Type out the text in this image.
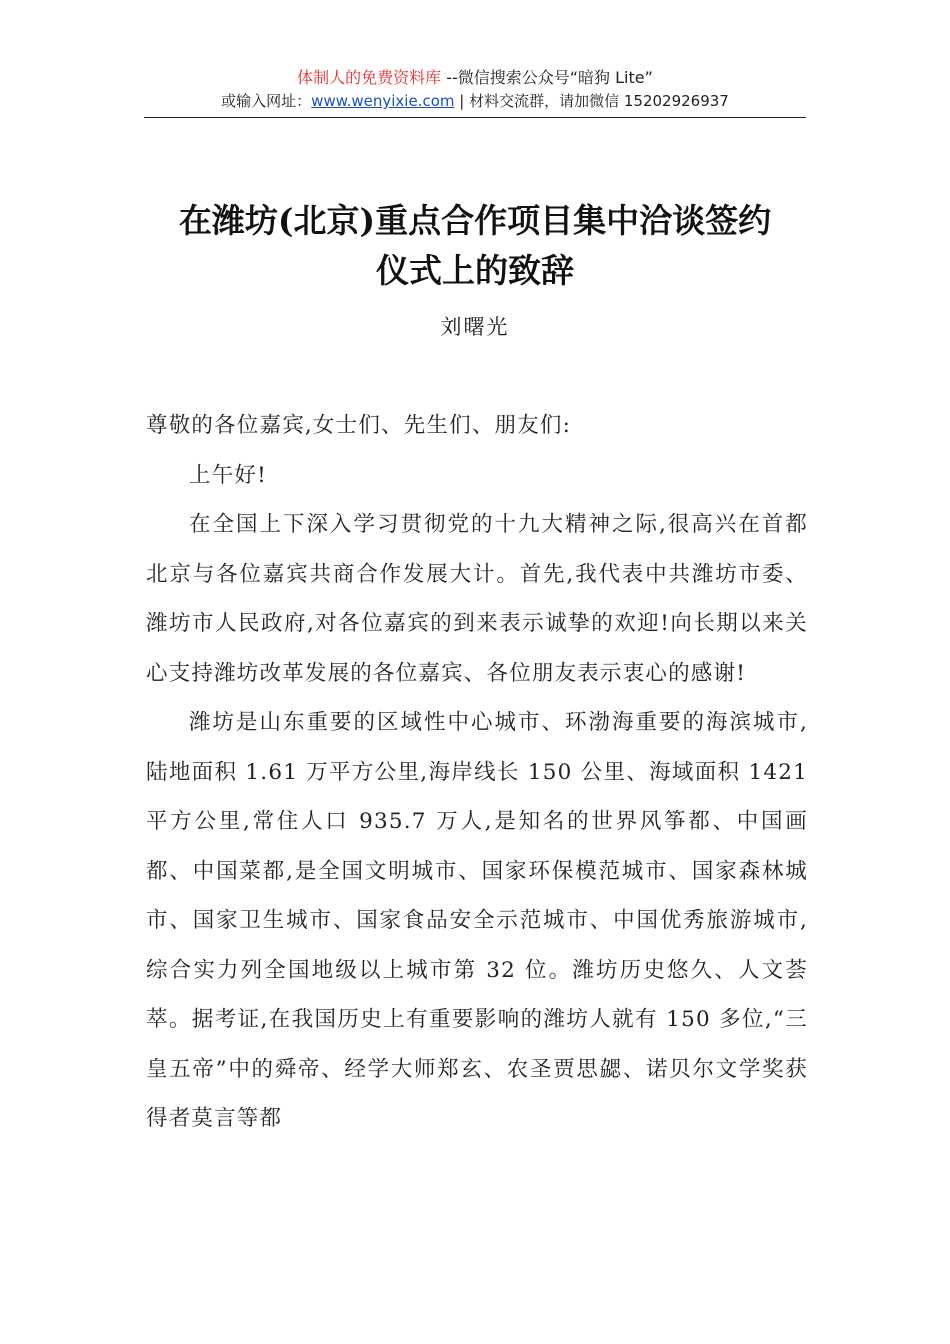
体制人的免费资料库 --微信搜索公众号“暗狗 Lite”
或输入网址：www.wenyixie.com | 材料交流群，请加微信 15202926937
在潍坊(北京)重点合作项目集中洽谈签约
仪式上的致辞
刘曙光

尊敬的各位嘉宾,女士们、先生们、朋友们:

上午好!

在全国上下深入学习贯彻党的十九大精神之际,很高兴在首都北京与各位嘉宾共商合作发展大计。首先,我代表中共潍坊市委、潍坊市人民政府,对各位嘉宾的到来表示诚挚的欢迎!向长期以来关心支持潍坊改革发展的各位嘉宾、各位朋友表示衷心的感谢!

潍坊是山东重要的区域性中心城市、环渤海重要的海滨城市,陆地面积 1.61 万平方公里,海岸线长 150 公里、海域面积 1421 平方公里,常住人口 935.7 万人,是知名的世界风筝都、中国画都、中国菜都,是全国文明城市、国家环保模范城市、国家森林城市、国家卫生城市、国家食品安全示范城市、中国优秀旅游城市,综合实力列全国地级以上城市第 32 位。潍坊历史悠久、人文荟萃。据考证,在我国历史上有重要影响的潍坊人就有 150 多位,“三皇五帝”中的舜帝、经学大师郑玄、农圣贾思勰、诺贝尔文学奖获得者莫言等都
